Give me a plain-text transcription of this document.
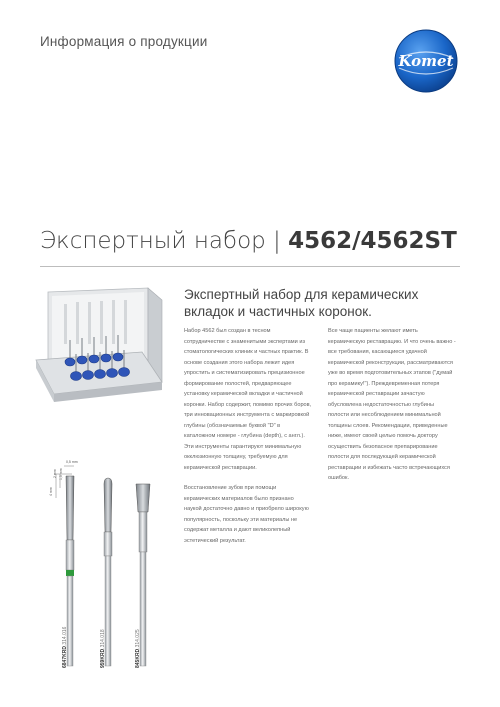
Информация о продукции
Komet
Экспертный набор | 4562/4562ST
Экспертный набор для керамических вкладок и частичных коронок.

Набор 4562 был создан в тесном сотрудничестве с знаменитыми экспертами из стоматологических клиник и частных практик. В основе создания этого набора лежит идея упростить и систематизировать прецизионное формирование полостей, предваряющее установку керамической вкладки и частичной коронки. Набор содержит, помимо прочих боров, три инновационных инструмента с маркировкой глубины (обозначаемые буквой "D" в каталожном номере - глубина (depth), с англ.). Эти инструменты гарантируют минимальную окклюзионную толщину, требуемую для керамической реставрации.

Восстановление зубов при помощи керамических материалов было признано наукой достаточно давно и приобрело широкую популярность, поскольку эти материалы не содержат металла и дают великолепный эстетический результат.

Все чаще пациенты желают иметь керамическую реставрацию. И что очень важно - все требования, касающиеся удачной керамической реконструкции, рассматриваются уже во время подготовительных этапов ("думай про керамику!"). Преждевременная потеря керамической реставрации зачастую обусловлена недостаточностью глубины полости или несоблюдением минимальной толщины слоев. Рекомендации, приведенные ниже, имеют своей целью помочь доктору осуществить безопасное препарирование полости для последующей керамической реставрации и избежать часто встречающихся ошибок.

0,5 mm
2 mm 1,5 mm
4 mm
6847KRD.314.016
959KRD.314.018
845KRD.314.025
